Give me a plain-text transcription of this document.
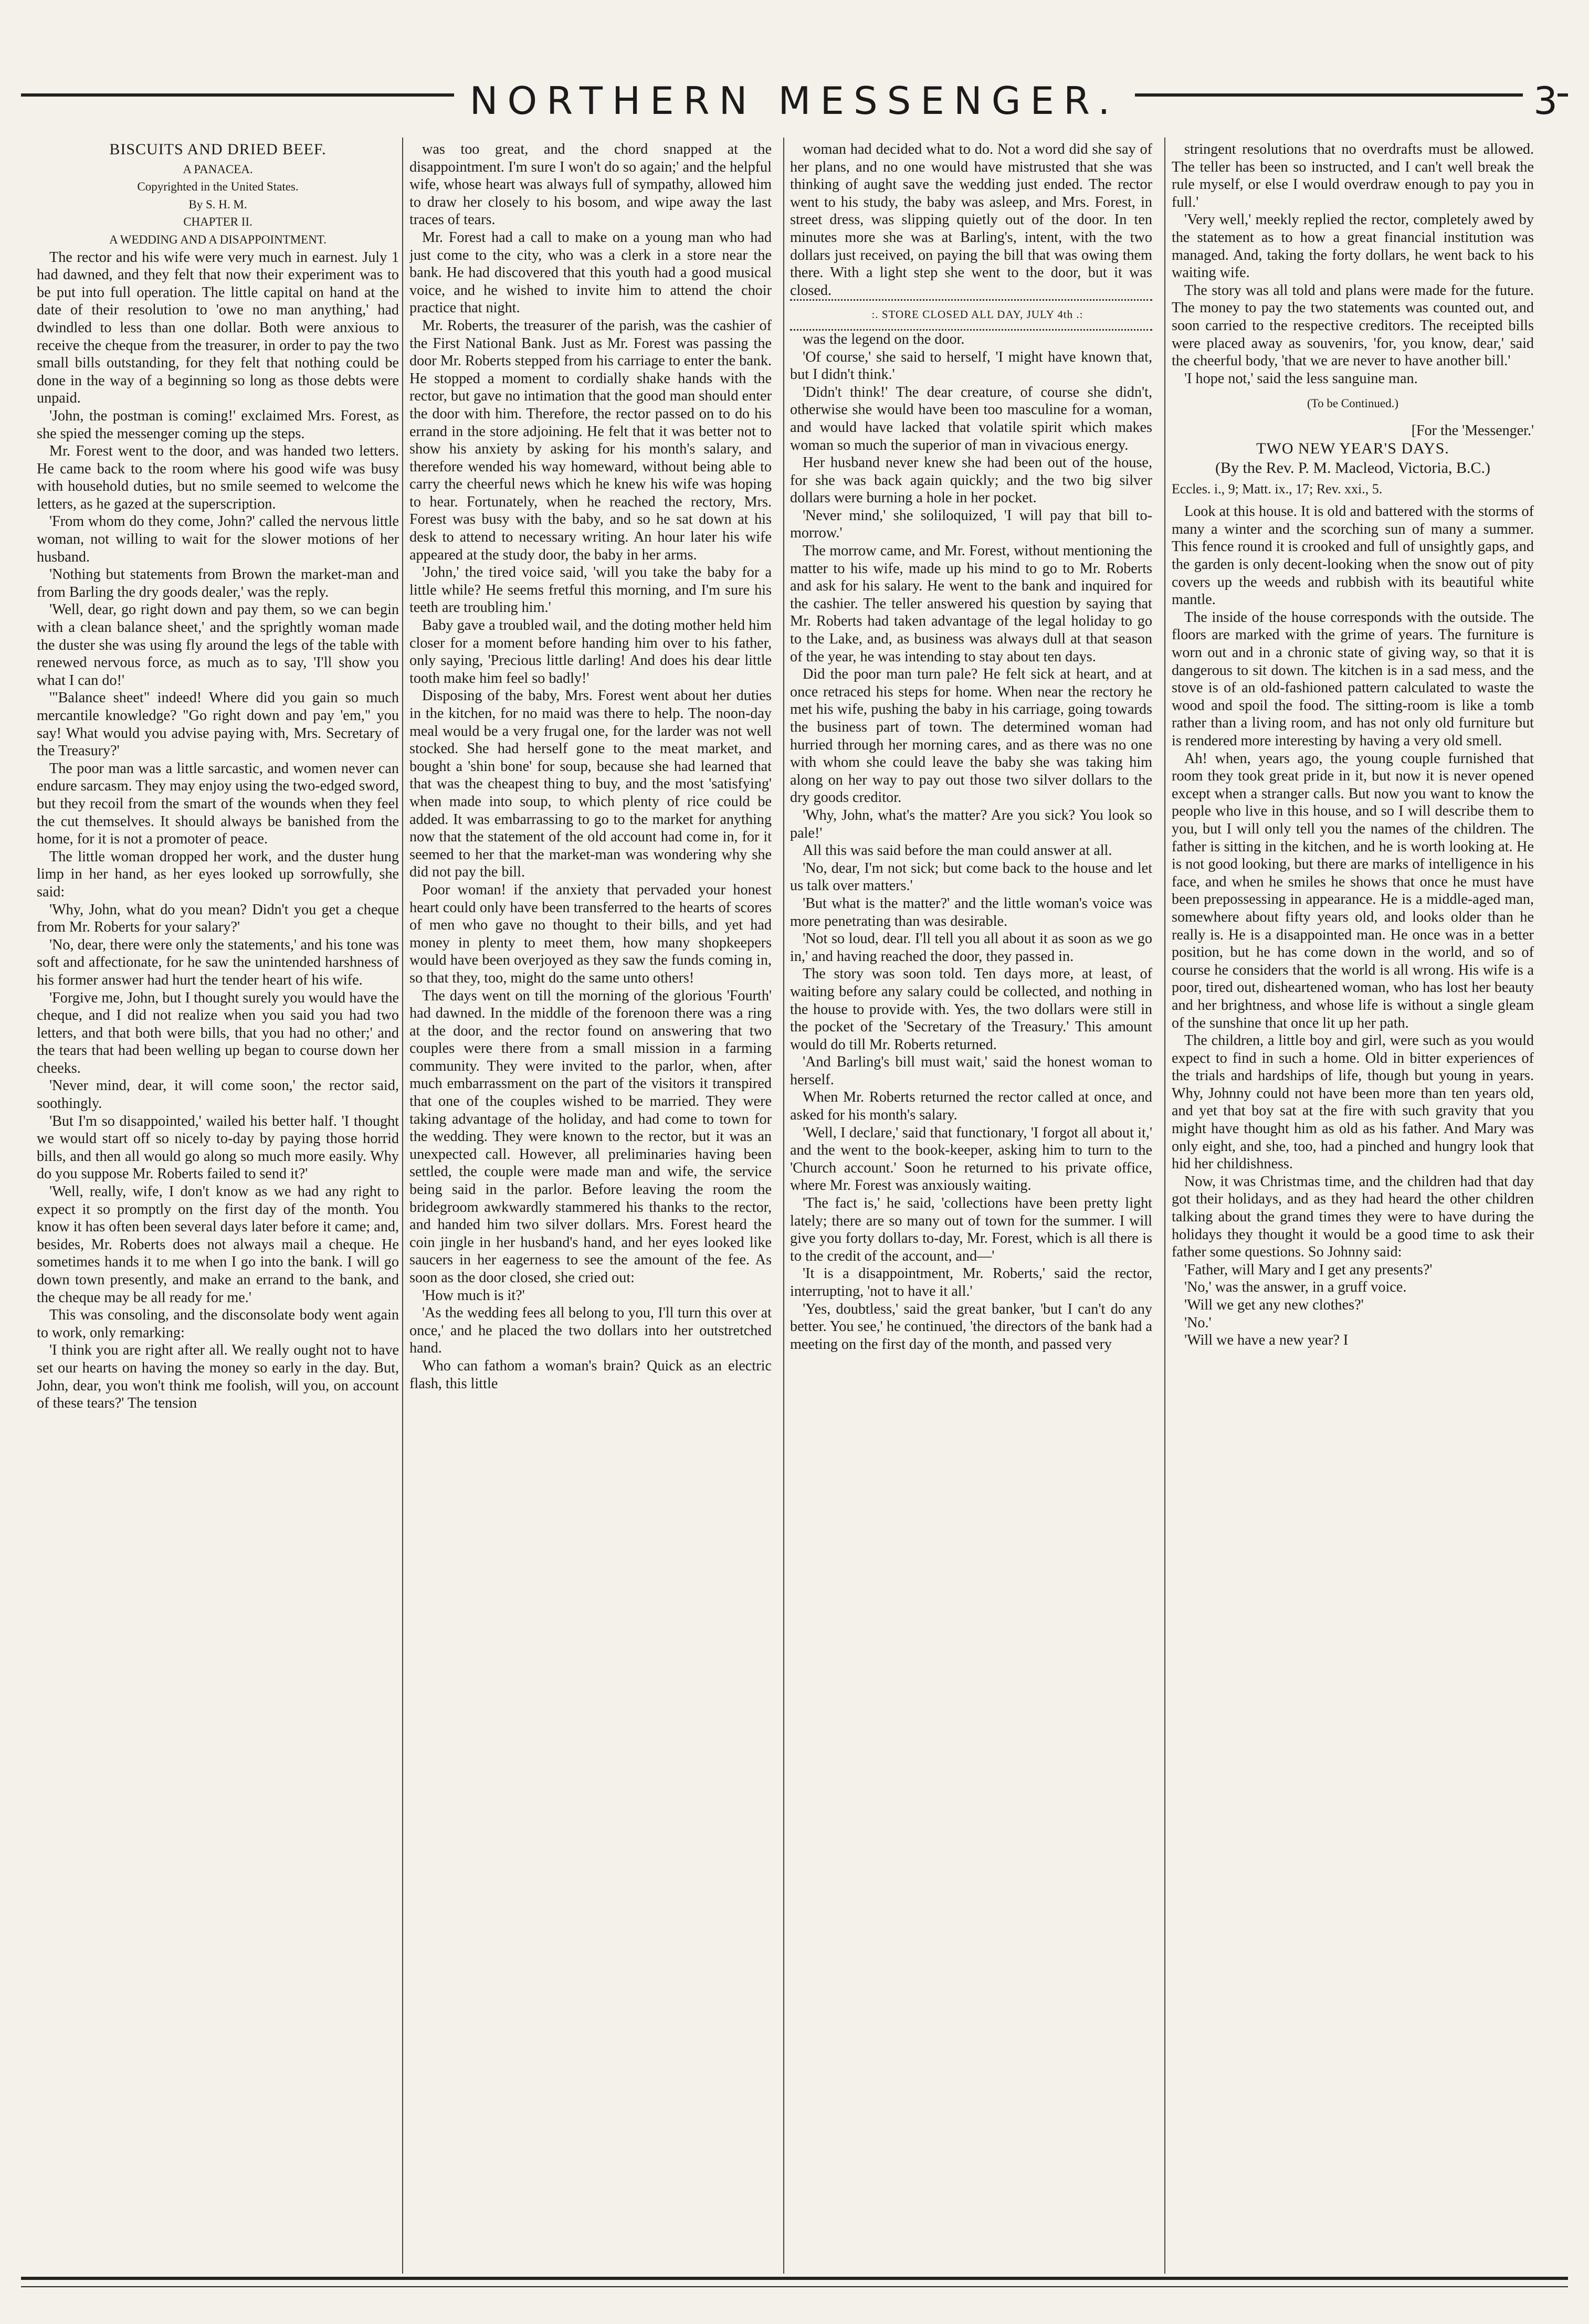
NORTHERN MESSENGER.	3

BISCUITS AND DRIED BEEF.

A PANACEA.

Copyrighted in the United States.

By S. H. M.

CHAPTER II.

A WEDDING AND A DISAPPOINTMENT.

The rector and his wife were very much in earnest. July 1 had dawned, and they felt that now their experiment was to be put into full operation. The little capital on hand at the date of their resolution to 'owe no man anything,' had dwindled to less than one dollar. Both were anxious to receive the cheque from the treasurer, in order to pay the two small bills outstanding, for they felt that nothing could be done in the way of a beginning so long as those debts were unpaid.

'John, the postman is coming!' exclaimed Mrs. Forest, as she spied the messenger coming up the steps.

Mr. Forest went to the door, and was handed two letters. He came back to the room where his good wife was busy with household duties, but no smile seemed to welcome the letters, as he gazed at the superscription.

'From whom do they come, John?' called the nervous little woman, not willing to wait for the slower motions of her husband.

'Nothing but statements from Brown the market-man and from Barling the dry goods dealer,' was the reply.

'Well, dear, go right down and pay them, so we can begin with a clean balance sheet,' and the sprightly woman made the duster she was using fly around the legs of the table with renewed nervous force, as much as to say, 'I'll show you what I can do!'

'"Balance sheet" indeed! Where did you gain so much mercantile knowledge? "Go right down and pay 'em," you say! What would you advise paying with, Mrs. Secretary of the Treasury?'

The poor man was a little sarcastic, and women never can endure sarcasm. They may enjoy using the two-edged sword, but they recoil from the smart of the wounds when they feel the cut themselves. It should always be banished from the home, for it is not a promoter of peace.

The little woman dropped her work, and the duster hung limp in her hand, as her eyes looked up sorrowfully, she said:

'Why, John, what do you mean? Didn't you get a cheque from Mr. Roberts for your salary?'

'No, dear, there were only the statements,' and his tone was soft and affectionate, for he saw the unintended harshness of his former answer had hurt the tender heart of his wife.

'Forgive me, John, but I thought surely you would have the cheque, and I did not realize when you said you had two letters, and that both were bills, that you had no other;' and the tears that had been welling up began to course down her cheeks.

'Never mind, dear, it will come soon,' the rector said, soothingly.

'But I'm so disappointed,' wailed his better half. 'I thought we would start off so nicely to-day by paying those horrid bills, and then all would go along so much more easily. Why do you suppose Mr. Roberts failed to send it?'

'Well, really, wife, I don't know as we had any right to expect it so promptly on the first day of the month. You know it has often been several days later before it came; and, besides, Mr. Roberts does not always mail a cheque. He sometimes hands it to me when I go into the bank. I will go down town presently, and make an errand to the bank, and the cheque may be all ready for me.'

This was consoling, and the disconsolate body went again to work, only remarking:

'I think you are right after all. We really ought not to have set our hearts on having the money so early in the day. But, John, dear, you won't think me foolish, will you, on account of these tears?' The tension

was too great, and the chord snapped at the disappointment. I'm sure I won't do so again;' and the helpful wife, whose heart was always full of sympathy, allowed him to draw her closely to his bosom, and wipe away the last traces of tears.

Mr. Forest had a call to make on a young man who had just come to the city, who was a clerk in a store near the bank. He had discovered that this youth had a good musical voice, and he wished to invite him to attend the choir practice that night.

Mr. Roberts, the treasurer of the parish, was the cashier of the First National Bank. Just as Mr. Forest was passing the door Mr. Roberts stepped from his carriage to enter the bank. He stopped a moment to cordially shake hands with the rector, but gave no intimation that the good man should enter the door with him. Therefore, the rector passed on to do his errand in the store adjoining. He felt that it was better not to show his anxiety by asking for his month's salary, and therefore wended his way homeward, without being able to carry the cheerful news which he knew his wife was hoping to hear. Fortunately, when he reached the rectory, Mrs. Forest was busy with the baby, and so he sat down at his desk to attend to necessary writing. An hour later his wife appeared at the study door, the baby in her arms.

'John,' the tired voice said, 'will you take the baby for a little while? He seems fretful this morning, and I'm sure his teeth are troubling him.'

Baby gave a troubled wail, and the doting mother held him closer for a moment before handing him over to his father, only saying, 'Precious little darling! And does his dear little tooth make him feel so badly!'

Disposing of the baby, Mrs. Forest went about her duties in the kitchen, for no maid was there to help. The noon-day meal would be a very frugal one, for the larder was not well stocked. She had herself gone to the meat market, and bought a 'shin bone' for soup, because she had learned that that was the cheapest thing to buy, and the most 'satisfying' when made into soup, to which plenty of rice could be added. It was embarrassing to go to the market for anything now that the statement of the old account had come in, for it seemed to her that the market-man was wondering why she did not pay the bill.

Poor woman! if the anxiety that pervaded your honest heart could only have been transferred to the hearts of scores of men who gave no thought to their bills, and yet had money in plenty to meet them, how many shopkeepers would have been overjoyed as they saw the funds coming in, so that they, too, might do the same unto others!

The days went on till the morning of the glorious 'Fourth' had dawned. In the middle of the forenoon there was a ring at the door, and the rector found on answering that two couples were there from a small mission in a farming community. They were invited to the parlor, when, after much embarrassment on the part of the visitors it transpired that one of the couples wished to be married. They were taking advantage of the holiday, and had come to town for the wedding. They were known to the rector, but it was an unexpected call. However, all preliminaries having been settled, the couple were made man and wife, the service being said in the parlor. Before leaving the room the bridegroom awkwardly stammered his thanks to the rector, and handed him two silver dollars. Mrs. Forest heard the coin jingle in her husband's hand, and her eyes looked like saucers in her eagerness to see the amount of the fee. As soon as the door closed, she cried out:

'How much is it?'

'As the wedding fees all belong to you, I'll turn this over at once,' and he placed the two dollars into her outstretched hand.

Who can fathom a woman's brain? Quick as an electric flash, this little

woman had decided what to do. Not a word did she say of her plans, and no one would have mistrusted that she was thinking of aught save the wedding just ended. The rector went to his study, the baby was asleep, and Mrs. Forest, in street dress, was slipping quietly out of the door. In ten minutes more she was at Barling's, intent, with the two dollars just received, on paying the bill that was owing them there. With a light step she went to the door, but it was closed.

:. STORE CLOSED ALL DAY, JULY 4th .:

was the legend on the door.

'Of course,' she said to herself, 'I might have known that, but I didn't think.'

'Didn't think!' The dear creature, of course she didn't, otherwise she would have been too masculine for a woman, and would have lacked that volatile spirit which makes woman so much the superior of man in vivacious energy.

Her husband never knew she had been out of the house, for she was back again quickly; and the two big silver dollars were burning a hole in her pocket.

'Never mind,' she soliloquized, 'I will pay that bill to-morrow.'

The morrow came, and Mr. Forest, without mentioning the matter to his wife, made up his mind to go to Mr. Roberts and ask for his salary. He went to the bank and inquired for the cashier. The teller answered his question by saying that Mr. Roberts had taken advantage of the legal holiday to go to the Lake, and, as business was always dull at that season of the year, he was intending to stay about ten days.

Did the poor man turn pale? He felt sick at heart, and at once retraced his steps for home. When near the rectory he met his wife, pushing the baby in his carriage, going towards the business part of town. The determined woman had hurried through her morning cares, and as there was no one with whom she could leave the baby she was taking him along on her way to pay out those two silver dollars to the dry goods creditor.

'Why, John, what's the matter? Are you sick? You look so pale!'

All this was said before the man could answer at all.

'No, dear, I'm not sick; but come back to the house and let us talk over matters.'

'But what is the matter?' and the little woman's voice was more penetrating than was desirable.

'Not so loud, dear. I'll tell you all about it as soon as we go in,' and having reached the door, they passed in.

The story was soon told. Ten days more, at least, of waiting before any salary could be collected, and nothing in the house to provide with. Yes, the two dollars were still in the pocket of the 'Secretary of the Treasury.' This amount would do till Mr. Roberts returned.

'And Barling's bill must wait,' said the honest woman to herself.

When Mr. Roberts returned the rector called at once, and asked for his month's salary.

'Well, I declare,' said that functionary, 'I forgot all about it,' and the went to the book-keeper, asking him to turn to the 'Church account.' Soon he returned to his private office, where Mr. Forest was anxiously waiting.

'The fact is,' he said, 'collections have been pretty light lately; there are so many out of town for the summer. I will give you forty dollars to-day, Mr. Forest, which is all there is to the credit of the account, and—'

'It is a disappointment, Mr. Roberts,' said the rector, interrupting, 'not to have it all.'

'Yes, doubtless,' said the great banker, 'but I can't do any better. You see,' he continued, 'the directors of the bank had a meeting on the first day of the month, and passed very

stringent resolutions that no overdrafts must be allowed. The teller has been so instructed, and I can't well break the rule myself, or else I would overdraw enough to pay you in full.'

'Very well,' meekly replied the rector, completely awed by the statement as to how a great financial institution was managed. And, taking the forty dollars, he went back to his waiting wife.

The story was all told and plans were made for the future. The money to pay the two statements was counted out, and soon carried to the respective creditors. The receipted bills were placed away as souvenirs, 'for, you know, dear,' said the cheerful body, 'that we are never to have another bill.'

'I hope not,' said the less sanguine man.

(To be Continued.)

[For the 'Messenger.'

TWO NEW YEAR'S DAYS.

(By the Rev. P. M. Macleod, Victoria, B.C.)

Eccles. i., 9; Matt. ix., 17; Rev. xxi., 5.

Look at this house. It is old and battered with the storms of many a winter and the scorching sun of many a summer. This fence round it is crooked and full of unsightly gaps, and the garden is only decent-looking when the snow out of pity covers up the weeds and rubbish with its beautiful white mantle.

The inside of the house corresponds with the outside. The floors are marked with the grime of years. The furniture is worn out and in a chronic state of giving way, so that it is dangerous to sit down. The kitchen is in a sad mess, and the stove is of an old-fashioned pattern calculated to waste the wood and spoil the food. The sitting-room is like a tomb rather than a living room, and has not only old furniture but is rendered more interesting by having a very old smell.

Ah! when, years ago, the young couple furnished that room they took great pride in it, but now it is never opened except when a stranger calls. But now you want to know the people who live in this house, and so I will describe them to you, but I will only tell you the names of the children. The father is sitting in the kitchen, and he is worth looking at. He is not good looking, but there are marks of intelligence in his face, and when he smiles he shows that once he must have been prepossessing in appearance. He is a middle-aged man, somewhere about fifty years old, and looks older than he really is. He is a disappointed man. He once was in a better position, but he has come down in the world, and so of course he considers that the world is all wrong. His wife is a poor, tired out, disheartened woman, who has lost her beauty and her brightness, and whose life is without a single gleam of the sunshine that once lit up her path.

The children, a little boy and girl, were such as you would expect to find in such a home. Old in bitter experiences of the trials and hardships of life, though but young in years. Why, Johnny could not have been more than ten years old, and yet that boy sat at the fire with such gravity that you might have thought him as old as his father. And Mary was only eight, and she, too, had a pinched and hungry look that hid her childishness.

Now, it was Christmas time, and the children had that day got their holidays, and as they had heard the other children talking about the grand times they were to have during the holidays they thought it would be a good time to ask their father some questions. So Johnny said:

'Father, will Mary and I get any presents?'

'No,' was the answer, in a gruff voice.

'Will we get any new clothes?'

'No.'

'Will we have a new year? I
